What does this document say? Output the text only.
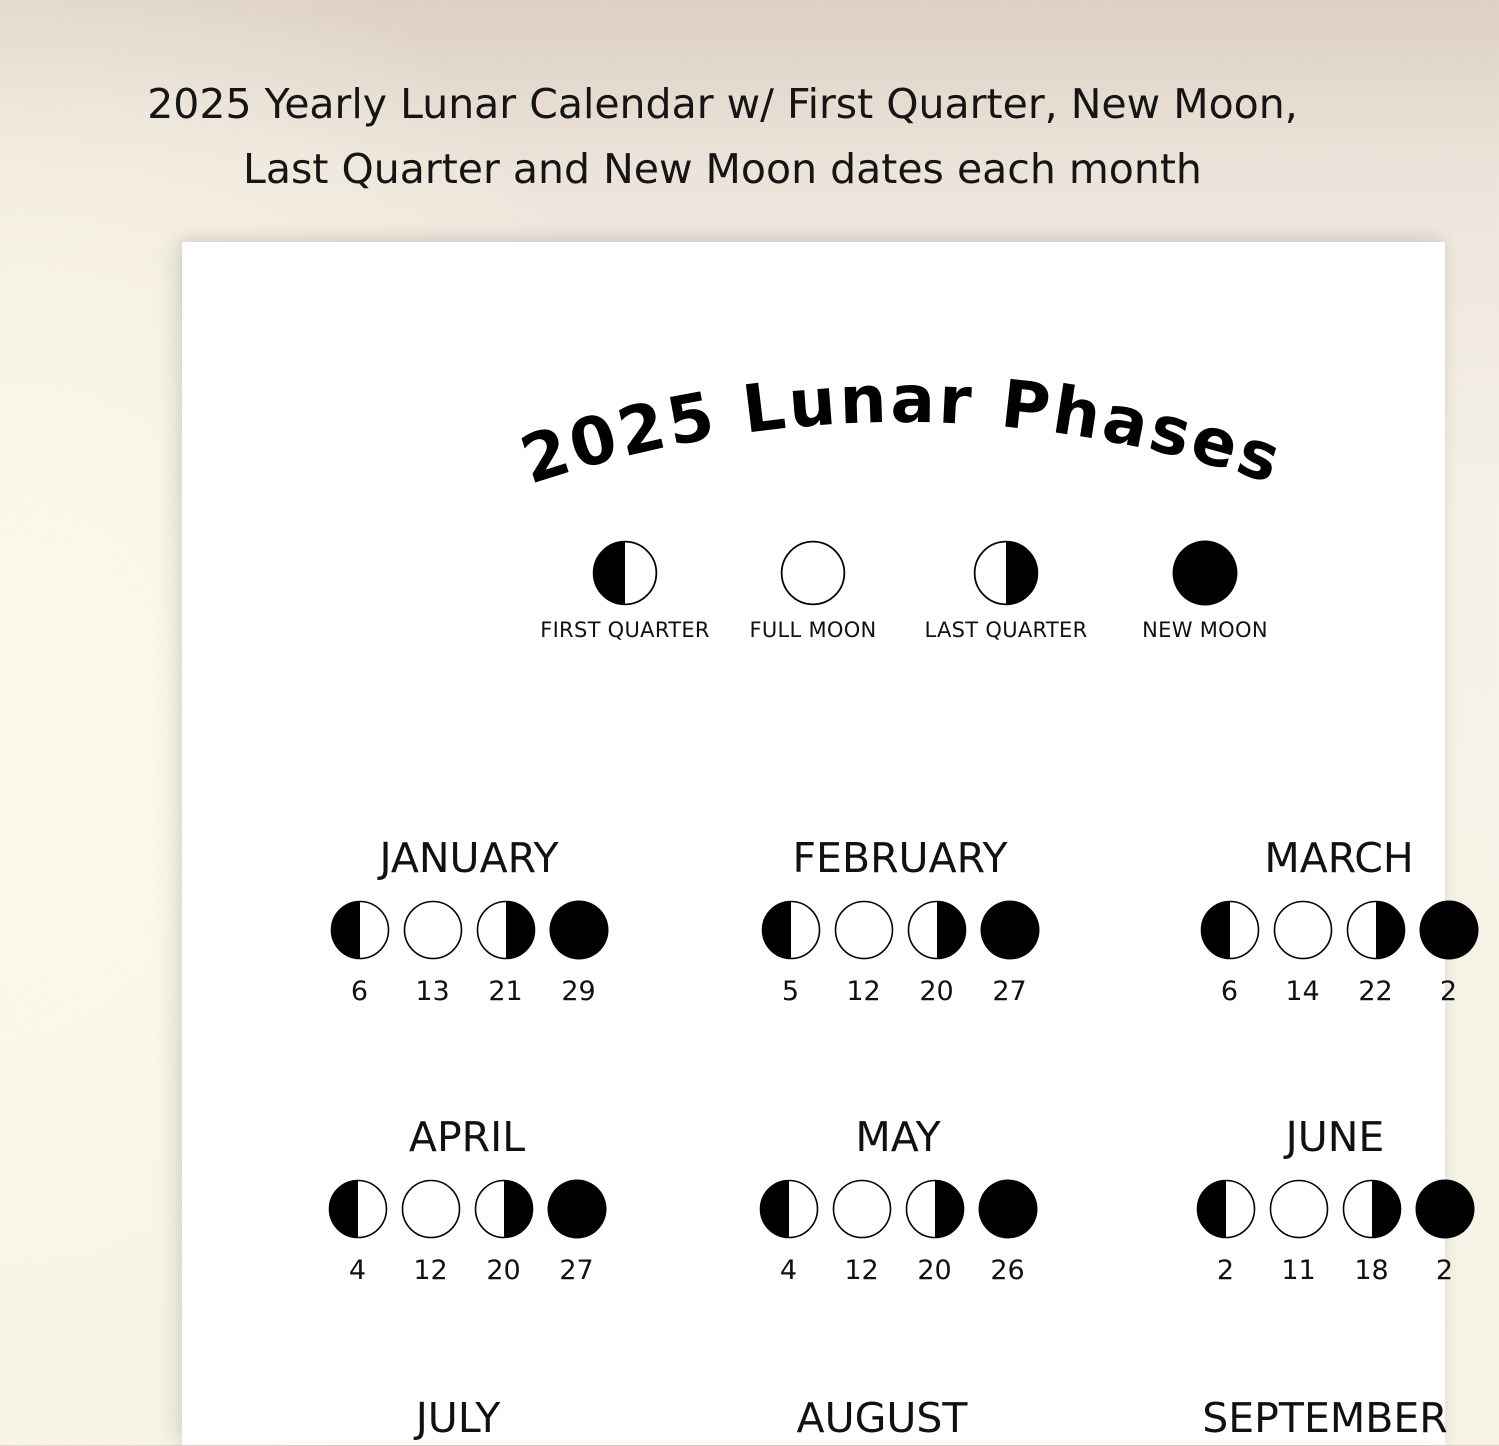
2025 Yearly Lunar Calendar w/ First Quarter, New Moon,
Last Quarter and New Moon dates each month
2025 Lunar Phases
FIRST QUARTER	FULL MOON	LAST QUARTER	NEW MOON
JANUARY
6	13	21	29
FEBRUARY
5	12	20	27
MARCH
6	14	22	2
APRIL
4	12	20	27
MAY
4	12	20	26
JUNE
2	11	18	2
JULY	AUGUST	SEPTEMBER
